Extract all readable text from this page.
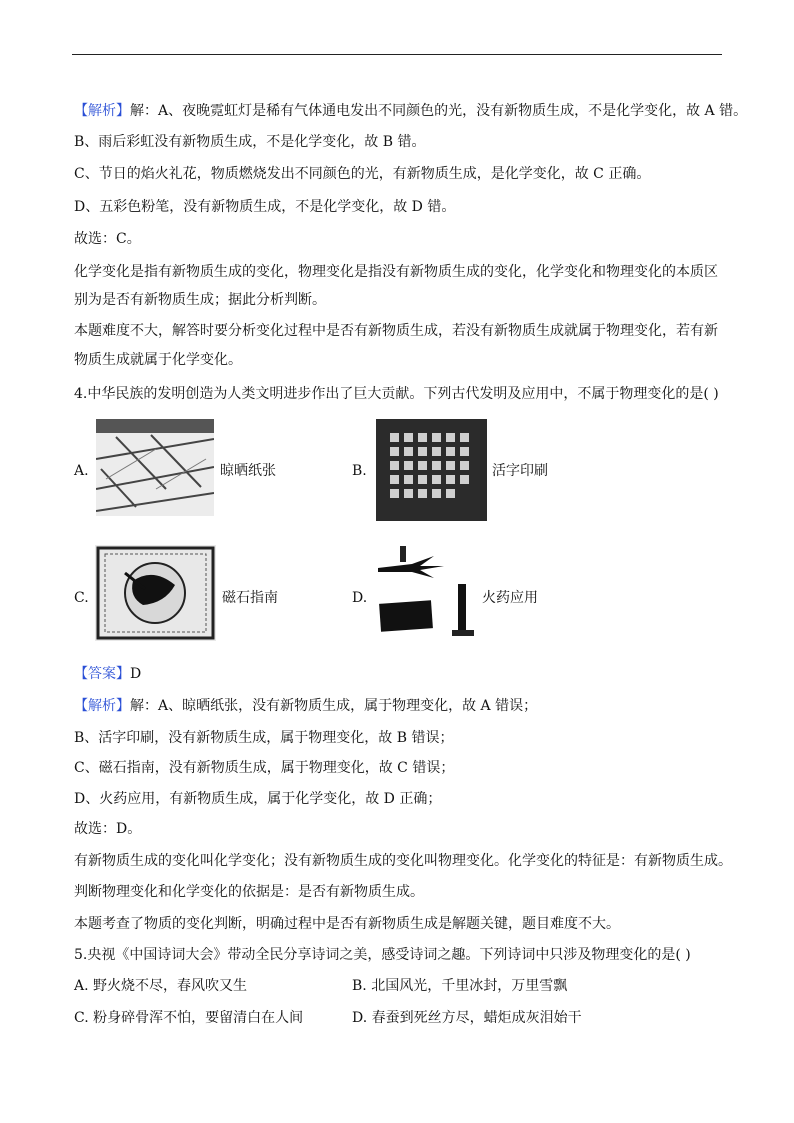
【解析】解：A、夜晚霓虹灯是稀有气体通电发出不同颜色的光，没有新物质生成，不是化学变化，故 A 错。
B、雨后彩虹没有新物质生成，不是化学变化，故 B 错。
C、节日的焰火礼花，物质燃烧发出不同颜色的光，有新物质生成，是化学变化，故 C 正确。
D、五彩色粉笔，没有新物质生成，不是化学变化，故 D 错。
故选：C。
化学变化是指有新物质生成的变化，物理变化是指没有新物质生成的变化，化学变化和物理变化的本质区
别为是否有新物质生成；据此分析判断。
本题难度不大，解答时要分析变化过程中是否有新物质生成，若没有新物质生成就属于物理变化，若有新
物质生成就属于化学变化。
4.中华民族的发明创造为人类文明进步作出了巨大贡献。下列古代发明及应用中，不属于物理变化的是( )
A.	晾晒纸张	B.	活字印刷
C.	磁石指南	D.	火药应用
【答案】D
【解析】解：A、晾晒纸张，没有新物质生成，属于物理变化，故 A 错误；
B、活字印刷，没有新物质生成，属于物理变化，故 B 错误；
C、磁石指南，没有新物质生成，属于物理变化，故 C 错误；
D、火药应用，有新物质生成，属于化学变化，故 D 正确；
故选：D。
有新物质生成的变化叫化学变化；没有新物质生成的变化叫物理变化。化学变化的特征是：有新物质生成。
判断物理变化和化学变化的依据是：是否有新物质生成。
本题考查了物质的变化判断，明确过程中是否有新物质生成是解题关键，题目难度不大。
5.央视《中国诗词大会》带动全民分享诗词之美，感受诗词之趣。下列诗词中只涉及物理变化的是( )
A. 野火烧不尽，春风吹又生	B. 北国风光，千里冰封，万里雪飘
C. 粉身碎骨浑不怕，要留清白在人间	D. 春蚕到死丝方尽，蜡炬成灰泪始干
